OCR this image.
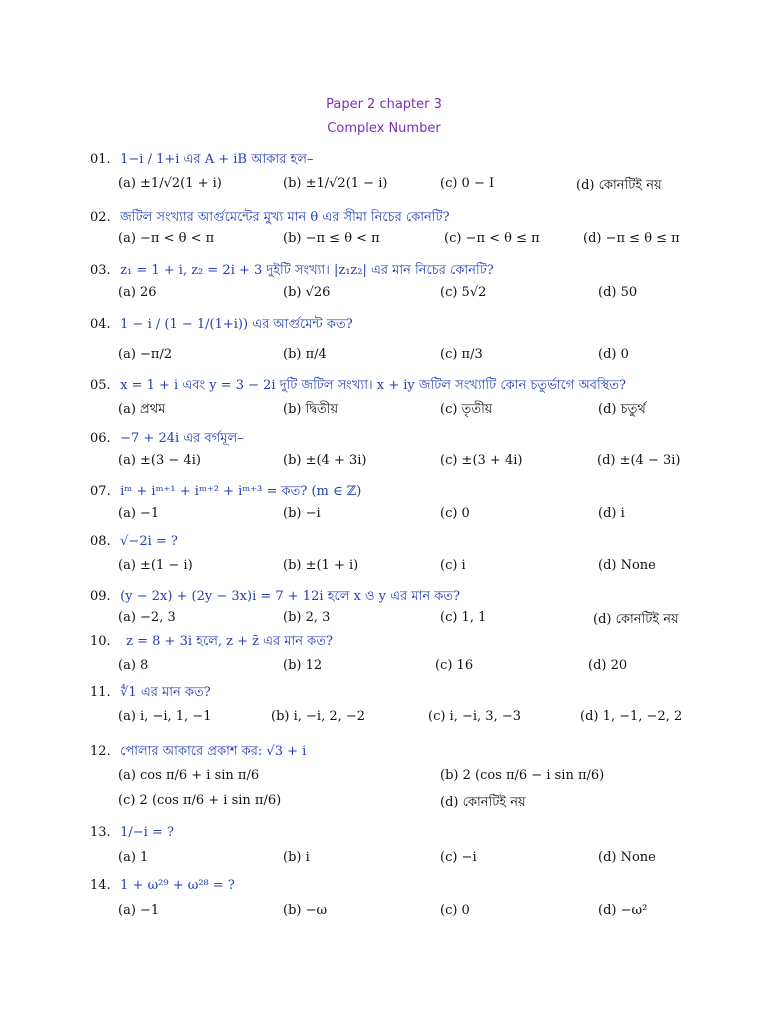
Paper 2 chapter 3
Complex Number
01. 1−i / 1+i এর A + iB আকার হল–
(a) ±1/√2(1 + i)	(b) ±1/√2(1 − i)	(c) 0 − I	(d) কোনটিই নয়
02. জটিল সংখ্যার আর্গুমেন্টের মুখ্য মান θ এর সীমা নিচের কোনটি?
(a) −π < θ < π	(b) −π ≤ θ < π	(c) −π < θ ≤ π	(d) −π ≤ θ ≤ π
03. z₁ = 1 + i, z₂ = 2i + 3 দুইটি সংখ্যা। |z₁z₂| এর মান নিচের কোনটি?
(a) 26	(b) √26	(c) 5√2	(d) 50
04. 1 − i / (1 − 1/(1+i)) এর আর্গুমেন্ট কত?
(a) −π/2	(b) π/4	(c) π/3	(d) 0
05. x = 1 + i এবং y = 3 − 2i দুটি জটিল সংখ্যা। x + iy জটিল সংখ্যাটি কোন চতুর্ভাগে অবস্থিত?
(a) প্রথম	(b) দ্বিতীয়	(c) তৃতীয়	(d) চতুর্থ
06. −7 + 24i এর বর্গমূল–
(a) ±(3 − 4i)	(b) ±(4 + 3i)	(c) ±(3 + 4i)	(d) ±(4 − 3i)
07. iᵐ + iᵐ⁺¹ + iᵐ⁺² + iᵐ⁺³ = কত? (m ∈ ℤ)
(a) −1	(b) −i	(c) 0	(d) i
08. √−2i = ?
(a) ±(1 − i)	(b) ±(1 + i)	(c) i	(d) None
09. (y − 2x) + (2y − 3x)i = 7 + 12i হলে x ও y এর মান কত?
(a) −2, 3	(b) 2, 3	(c) 1, 1	(d) কোনটিই নয়
10. z = 8 + 3i হলে, z + z̄ এর মান কত?
(a) 8	(b) 12	(c) 16	(d) 20
11. ∜1 এর মান কত?
(a) i, −i, 1, −1	(b) i, −i, 2, −2	(c) i, −i, 3, −3	(d) 1, −1, −2, 2
12. পোলার আকারে প্রকাশ কর: √3 + i
(a) cos π/6 + i sin π/6	(b) 2 (cos π/6 − i sin π/6)
(c) 2 (cos π/6 + i sin π/6)	(d) কোনটিই নয়
13. 1/−i = ?
(a) 1	(b) i	(c) −i	(d) None
14. 1 + ω²⁹ + ω²⁸ = ?
(a) −1	(b) −ω	(c) 0	(d) −ω²
